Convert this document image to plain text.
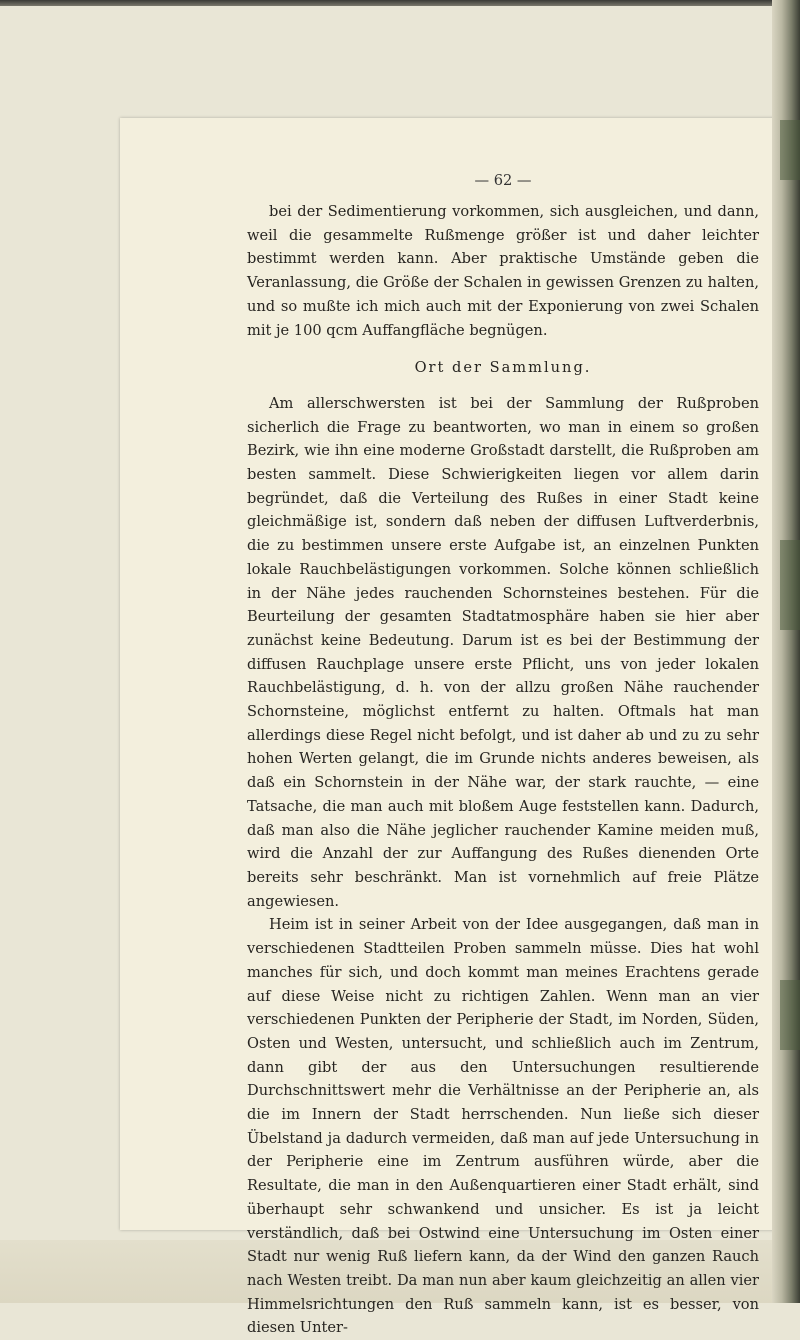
— 62 —

bei der Sedimentierung vorkommen, sich ausgleichen, und dann, weil die gesammelte Rußmenge größer ist und daher leichter bestimmt werden kann. Aber praktische Umstände geben die Veranlassung, die Größe der Schalen in gewissen Grenzen zu halten, und so mußte ich mich auch mit der Exponierung von zwei Schalen mit je 100 qcm Auffangfläche begnügen.

Ort der Sammlung.

Am allerschwersten ist bei der Sammlung der Rußproben sicherlich die Frage zu beantworten, wo man in einem so großen Bezirk, wie ihn eine moderne Großstadt darstellt, die Rußproben am besten sammelt. Diese Schwierigkeiten liegen vor allem darin begründet, daß die Verteilung des Rußes in einer Stadt keine gleichmäßige ist, sondern daß neben der diffusen Luftverderbnis, die zu bestimmen unsere erste Aufgabe ist, an einzelnen Punkten lokale Rauchbelästigungen vorkommen. Solche können schließlich in der Nähe jedes rauchenden Schornsteines bestehen. Für die Beurteilung der gesamten Stadtatmosphäre haben sie hier aber zunächst keine Bedeutung. Darum ist es bei der Bestimmung der diffusen Rauchplage unsere erste Pflicht, uns von jeder lokalen Rauchbelästigung, d. h. von der allzu großen Nähe rauchender Schornsteine, möglichst entfernt zu halten. Oftmals hat man allerdings diese Regel nicht befolgt, und ist daher ab und zu zu sehr hohen Werten gelangt, die im Grunde nichts anderes beweisen, als daß ein Schornstein in der Nähe war, der stark rauchte, — eine Tatsache, die man auch mit bloßem Auge feststellen kann. Dadurch, daß man also die Nähe jeglicher rauchender Kamine meiden muß, wird die Anzahl der zur Auffangung des Rußes dienenden Orte bereits sehr beschränkt. Man ist vornehmlich auf freie Plätze angewiesen.

Heim ist in seiner Arbeit von der Idee ausgegangen, daß man in verschiedenen Stadtteilen Proben sammeln müsse. Dies hat wohl manches für sich, und doch kommt man meines Erachtens gerade auf diese Weise nicht zu richtigen Zahlen. Wenn man an vier verschiedenen Punkten der Peripherie der Stadt, im Norden, Süden, Osten und Westen, untersucht, und schließlich auch im Zentrum, dann gibt der aus den Untersuchungen resultierende Durchschnittswert mehr die Verhältnisse an der Peripherie an, als die im Innern der Stadt herrschenden. Nun ließe sich dieser Übelstand ja dadurch vermeiden, daß man auf jede Untersuchung in der Peripherie eine im Zentrum ausführen würde, aber die Resultate, die man in den Außenquartieren einer Stadt erhält, sind überhaupt sehr schwankend und unsicher. Es ist ja leicht verständlich, daß bei Ostwind eine Untersuchung im Osten einer Stadt nur wenig Ruß liefern kann, da der Wind den ganzen Rauch nach Westen treibt. Da man nun aber kaum gleichzeitig an allen vier Himmelsrichtungen den Ruß sammeln kann, ist es besser, von diesen Unter-
